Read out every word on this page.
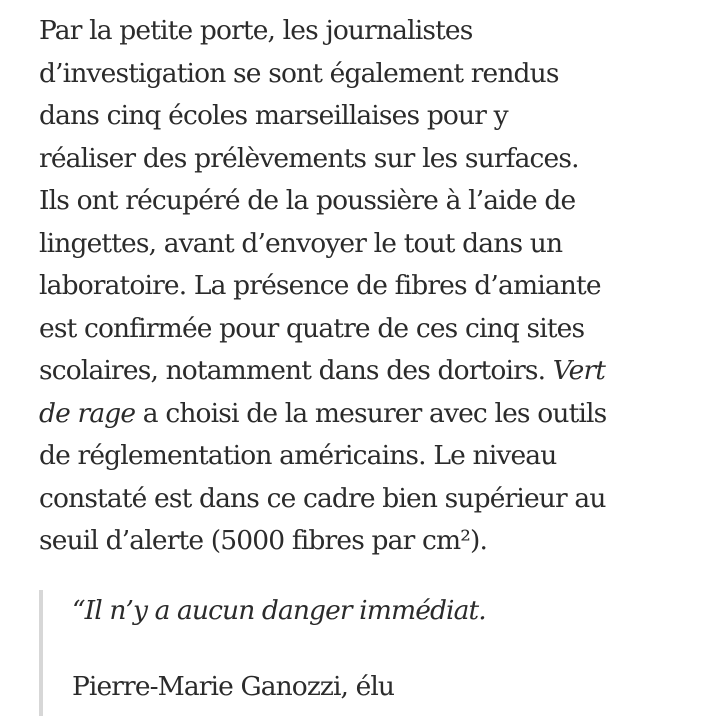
Par la petite porte, les journalistes
d’investigation se sont également rendus
dans cinq écoles marseillaises pour y
réaliser des prélèvements sur les surfaces.
Ils ont récupéré de la poussière à l’aide de
lingettes, avant d’envoyer le tout dans un
laboratoire. La présence de fibres d’amiante
est confirmée pour quatre de ces cinq sites
scolaires, notamment dans des dortoirs. Vert
de rage a choisi de la mesurer avec les outils
de réglementation américains. Le niveau
constaté est dans ce cadre bien supérieur au
seuil d’alerte (5000 fibres par cm²).

“Il n’y a aucun danger immédiat.

Pierre-Marie Ganozzi, élu
